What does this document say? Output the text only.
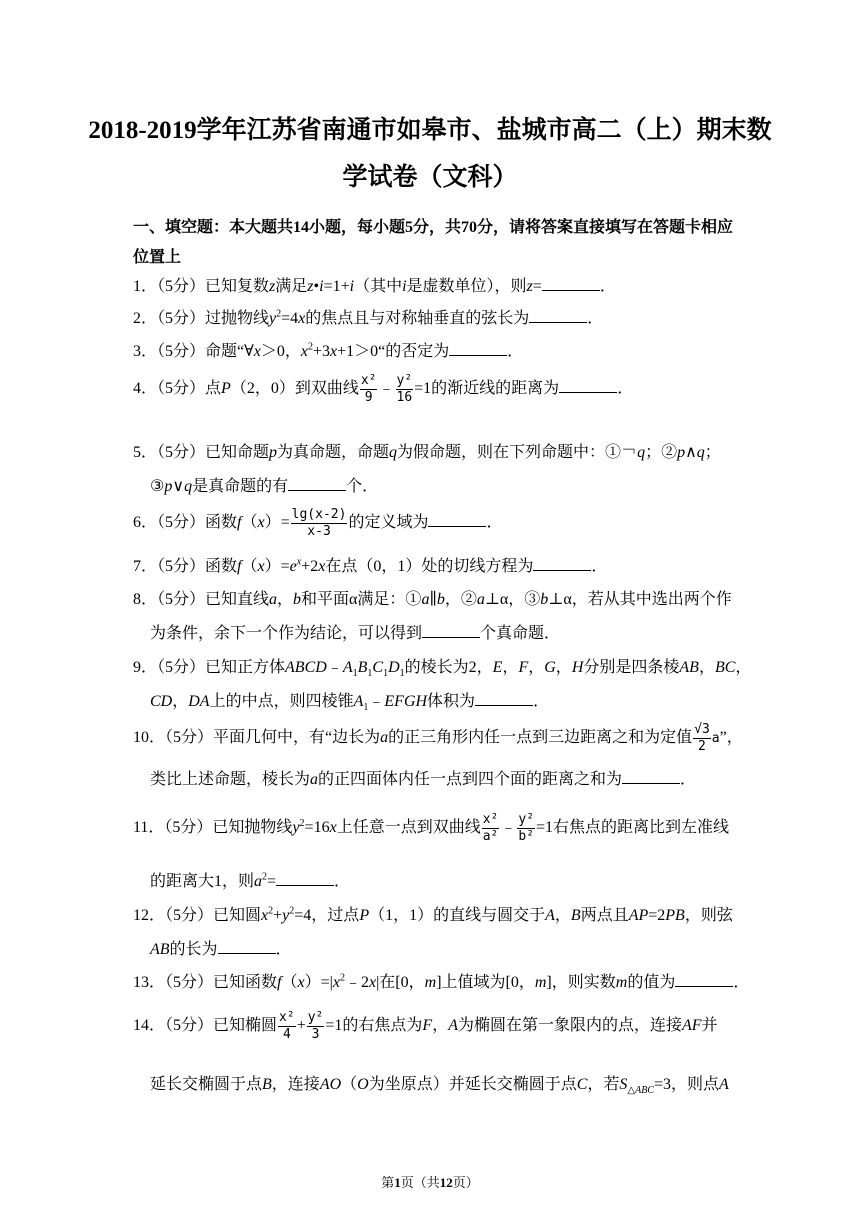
2018-2019学年江苏省南通市如皋市、盐城市高二（上）期末数
学试卷（文科）
一、填空题：本大题共14小题，每小题5分，共70分，请将答案直接填写在答题卡相应
位置上
1．（5分）已知复数z满足z•i=1+i（其中i是虚数单位），则z=	．
2．（5分）过抛物线$y^2=4x$的焦点且与对称轴垂直的弦长为	．
3．（5分）命题“∀x＞0，$x^2+3x+1>0“$的否定为	．
4．（5分）点P（2，0）到双曲线 $\frac{\text{x²}}{9}$ ﹣ $\frac{\text{y²}}{16} =1$的渐近线的距离为	．
5．（5分）已知命题p为真命题，命题q为假命题，则在下列命题中：①￢q；②p∧q；
③p∨q是真命题的有	个．
6．（5分）函数$f(x)= \frac{\lg(x-2)}{x-3}$ 的定义域为	．
7．（5分）函数$f(x)=e^x+2x$在点（0，1）处的切线方程为	．
8．（5分）已知直线a，b和平面α满足：①a∥b，②a⊥α，③b⊥α，若从其中选出两个作
为条件，余下一个作为结论，可以得到	个真命题．
9．（5分）已知正方体$ABCD﹣A_1B_1C_1D_1$的棱长为2，E，F，G，H分别是四条棱AB，BC，
CD，DA上的中点，则四棱锥$A_1﹣EFGH$体积为	．
10．（5分）平面几何中，有“边长为a的正三角形内任一点到三边距离之和为定值 $\frac{√3}{2} a$”，
类比上述命题，棱长为a的正四面体内任一点到四个面的距离之和为	．
11．（5分）已知抛物线$y^2=16x$上任意一点到双曲线 $\frac{\text{x²}}{\text{a²}}$ ﹣ $\frac{\text{y²}}{\text{b²}} =1$右焦点的距离比到左准线
的距离大1，则$a^2=$	．
12．（5分）已知圆$x^2+y^2=4$，过点P（1，1）的直线与圆交于A，B两点且AP=2PB，则弦
AB的长为	．
13．（5分）已知函数$f(x)=|x^2﹣2x|$在[0，m]上值域为[0，m]，则实数m的值为	．
14．（5分）已知椭圆 $\frac{\text{x²}}{4} + \frac{\text{y²}}{3} =1$的右焦点为F，A为椭圆在第一象限内的点，连接AF并
延长交椭圆于点B，连接AO（O为坐原点）并延长交椭圆于点C，若$S_{\triangle ABC}=3$，则点A
第1页（共12页）
